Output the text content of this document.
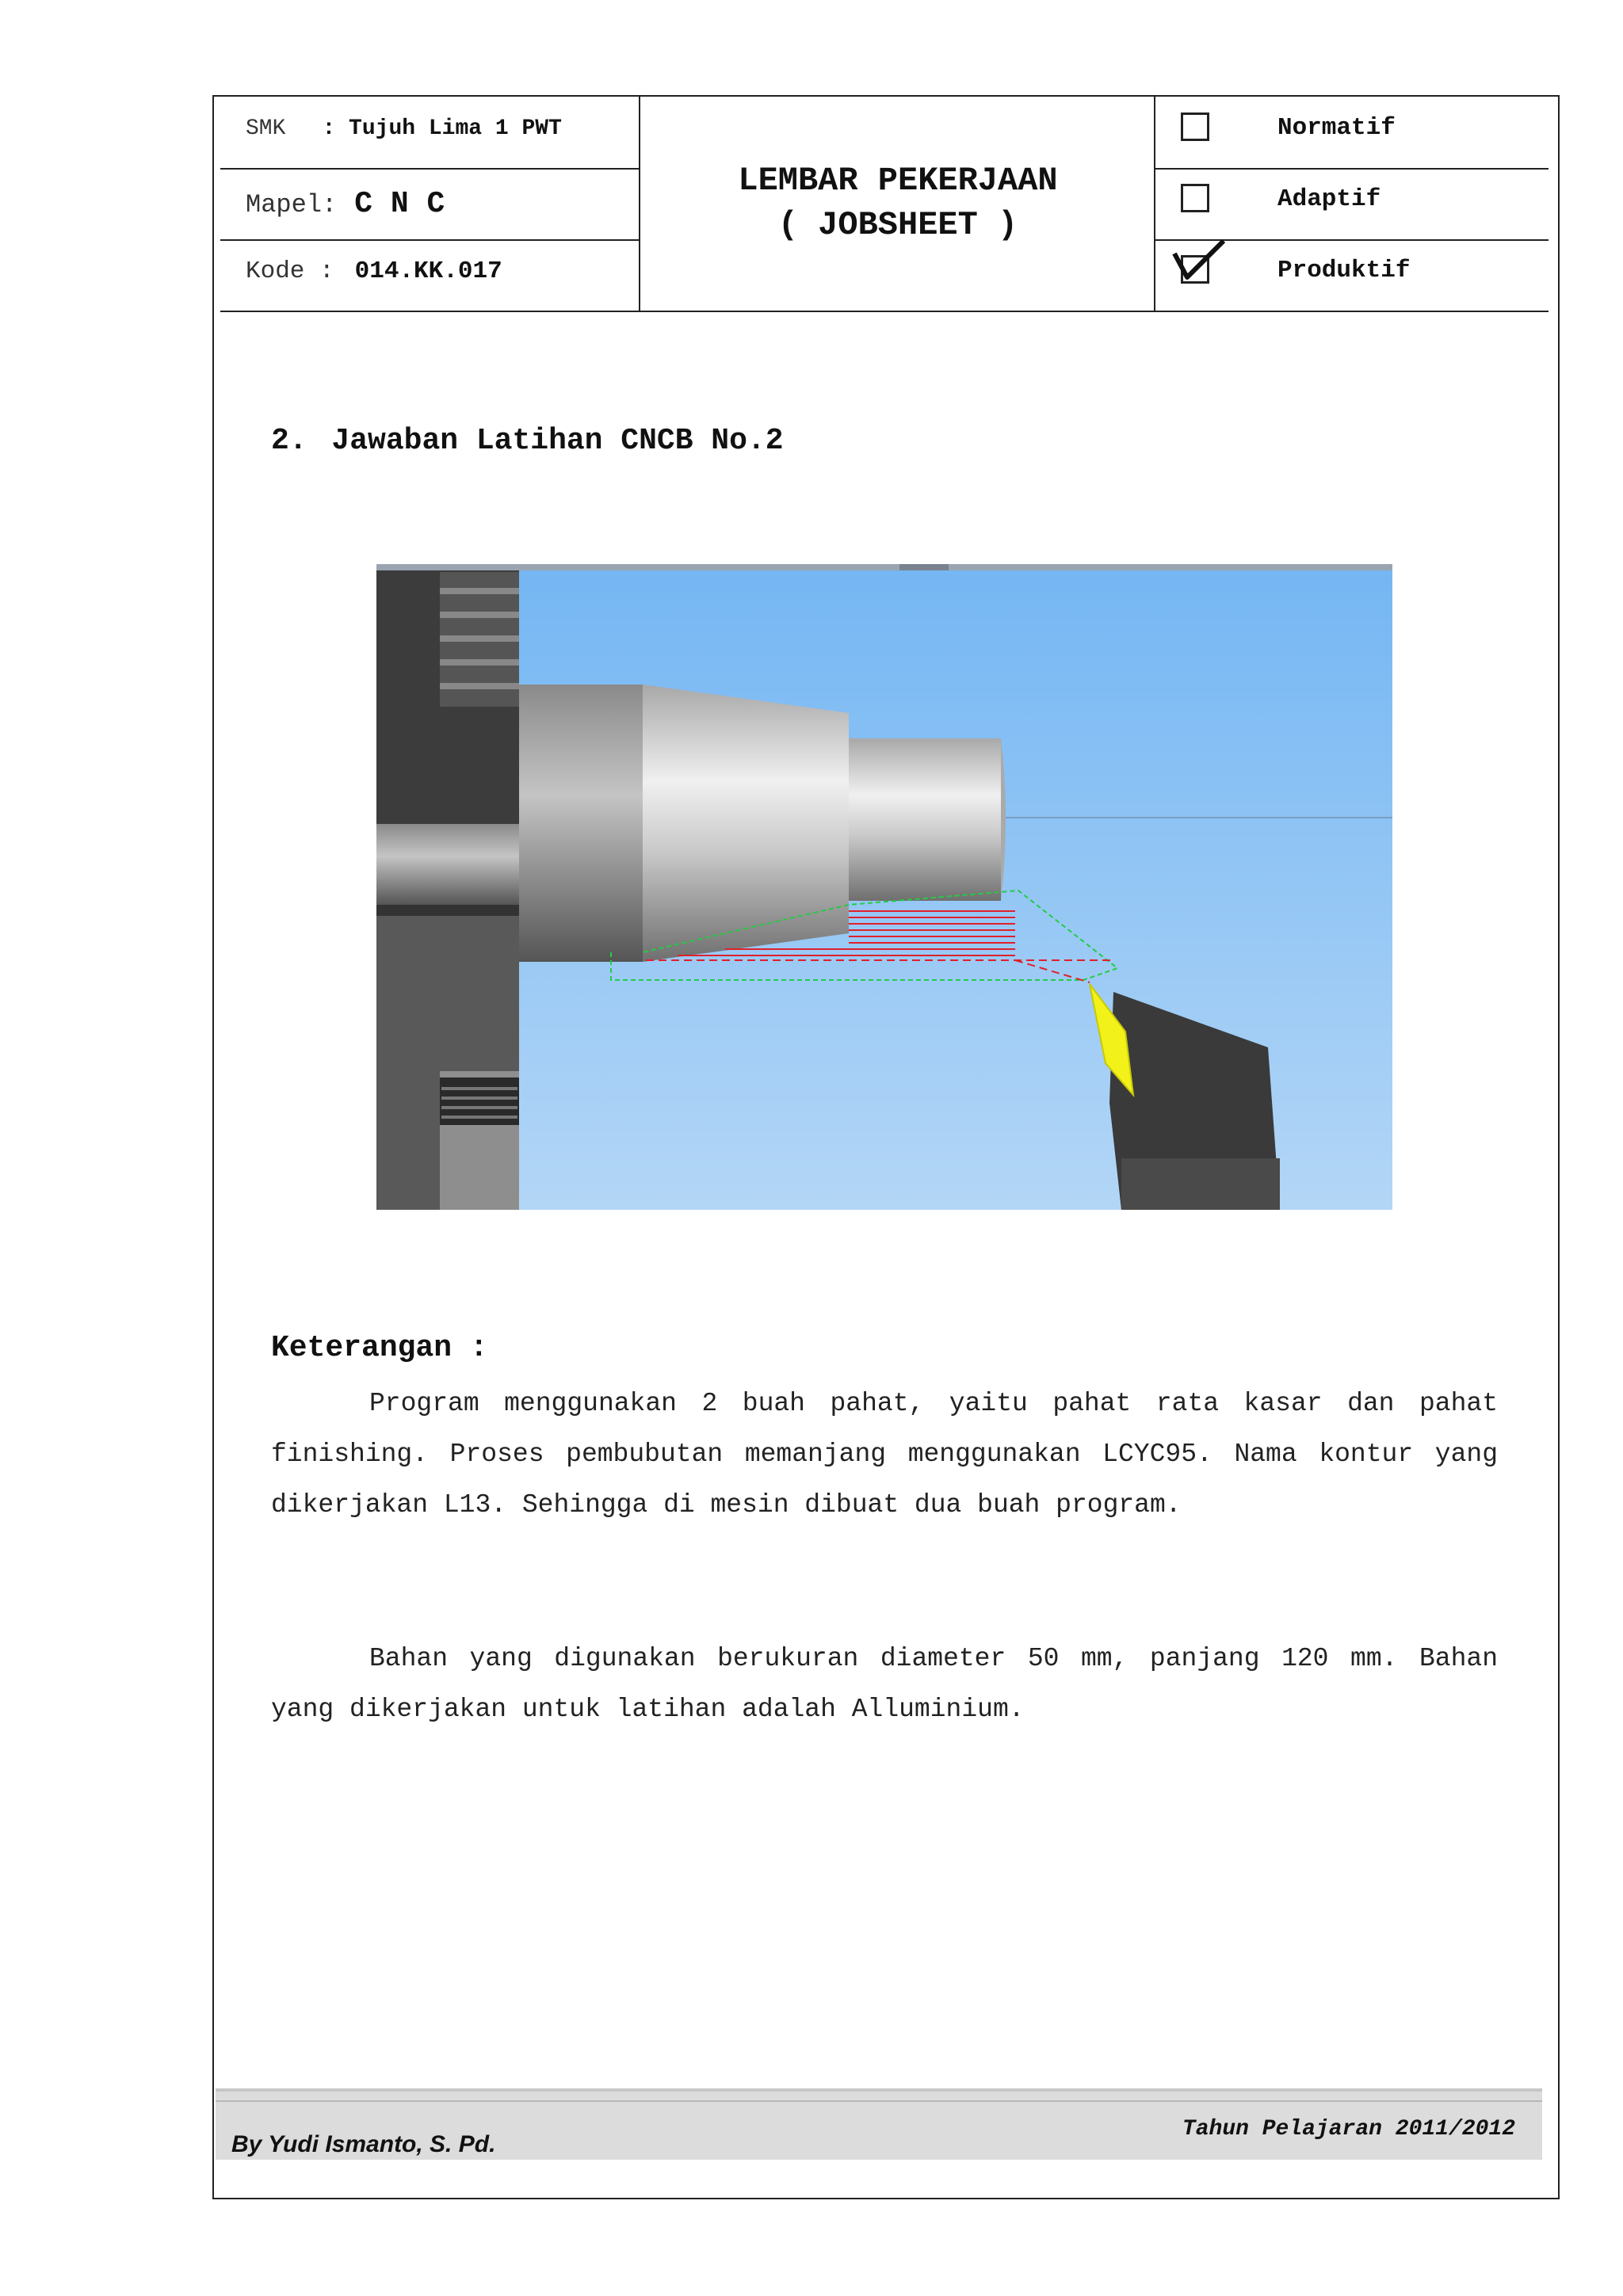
SMK : Tujuh Lima 1 PWT
Mapel: C N C
Kode : 014.KK.017
LEMBAR PEKERJAAN
( JOBSHEET )
Normatif
Adaptif
Produktif
2. Jawaban Latihan CNCB No.2
Keterangan :
Program menggunakan 2 buah pahat, yaitu pahat rata kasar dan pahat finishing. Proses pembubutan memanjang menggunakan LCYC95. Nama kontur yang dikerjakan L13. Sehingga di mesin dibuat dua buah program.
Bahan yang digunakan berukuran diameter 50 mm, panjang 120 mm. Bahan yang dikerjakan untuk latihan adalah Alluminium.
By Yudi Ismanto, S. Pd.
Tahun Pelajaran 2011/2012
